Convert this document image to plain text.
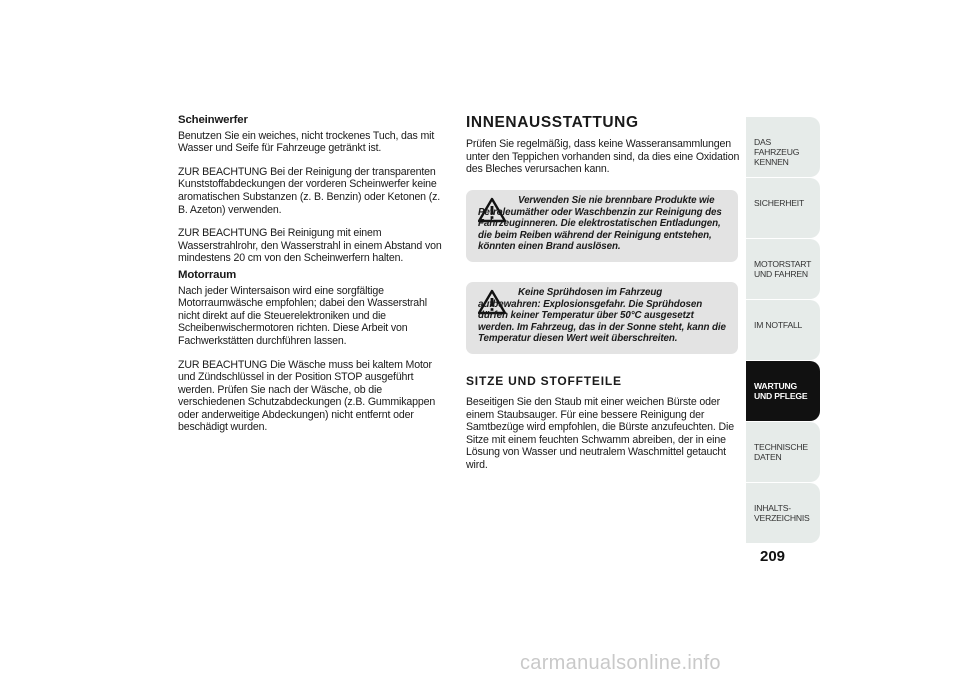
Scheinwerfer

Benutzen Sie ein weiches, nicht trockenes Tuch, das mit Wasser und Seife für Fahrzeuge getränkt ist.

ZUR BEACHTUNG Bei der Reinigung der transparenten Kunststoffabdeckungen der vorderen Scheinwerfer keine aromatischen Substanzen (z. B. Benzin) oder Ketonen (z. B. Azeton) verwenden.

ZUR BEACHTUNG Bei Reinigung mit einem Wasserstrahlrohr, den Wasserstrahl in einem Abstand von mindestens 20 cm von den Scheinwerfern halten.

Motorraum

Nach jeder Wintersaison wird eine sorgfältige Motorraumwäsche empfohlen; dabei den Wasserstrahl nicht direkt auf die Steuerelektroniken und die Scheibenwischermotoren richten. Diese Arbeit von Fachwerkstätten durchführen lassen.

ZUR BEACHTUNG Die Wäsche muss bei kaltem Motor und Zündschlüssel in der Position STOP ausgeführt werden. Prüfen Sie nach der Wäsche, ob die verschiedenen Schutzabdeckungen (z.B. Gummikappen oder anderweitige Abdeckungen) nicht entfernt oder beschädigt wurden.

INNENAUSSTATTUNG

Prüfen Sie regelmäßig, dass keine Wasseransammlungen unter den Teppichen vorhanden sind, da dies eine Oxidation des Bleches verursachen kann.

Verwenden Sie nie brennbare Produkte wie Petroleumäther oder Waschbenzin zur Reinigung des Fahrzeuginneren. Die elektrostatischen Entladungen, die beim Reiben während der Reinigung entstehen, könnten einen Brand auslösen.
Keine Sprühdosen im Fahrzeug aufbewahren: Explosionsgefahr. Die Sprühdosen dürfen keiner Temperatur über 50°C ausgesetzt werden. Im Fahrzeug, das in der Sonne steht, kann die Temperatur diesen Wert weit überschreiten.
SITZE UND STOFFTEILE

Beseitigen Sie den Staub mit einer weichen Bürste oder einem Staubsauger. Für eine bessere Reinigung der Samtbezüge wird empfohlen, die Bürste anzufeuchten. Die Sitze mit einem feuchten Schwamm abreiben, der in eine Lösung von Wasser und neutralem Waschmittel getaucht wird.

DAS FAHRZEUG KENNEN
SICHERHEIT
MOTORSTART UND FAHREN
IM NOTFALL
WARTUNG UND PFLEGE
TECHNISCHE DATEN
INHALTS-VERZEICHNIS
209
carmanualsonline.info
